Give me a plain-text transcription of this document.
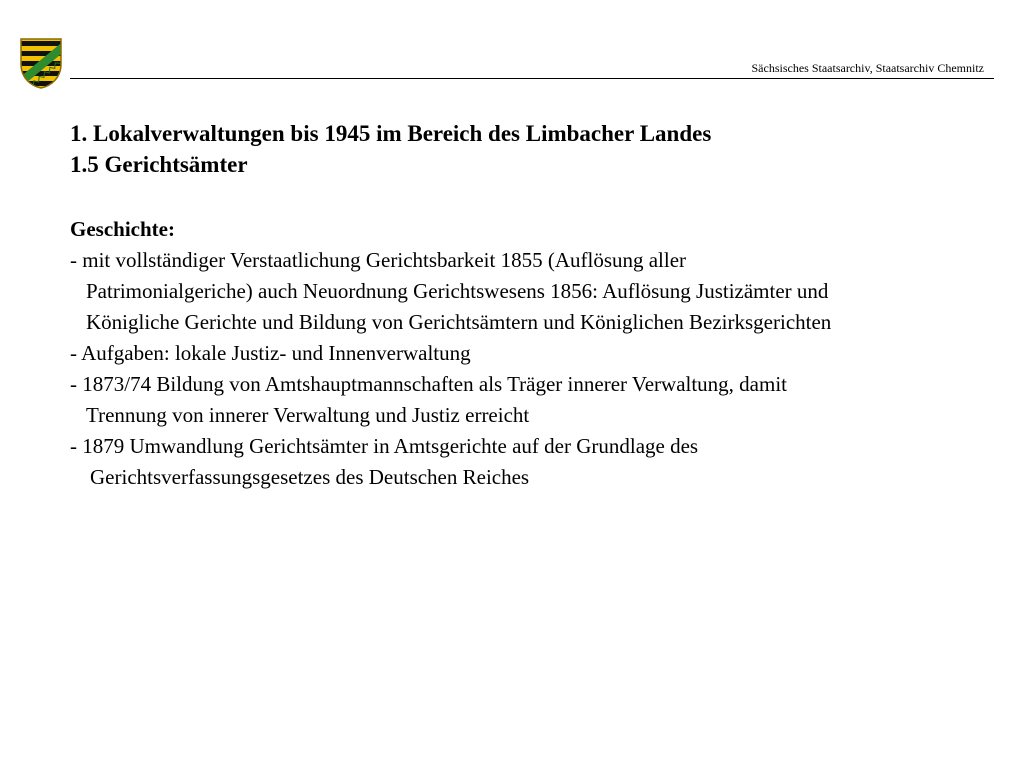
Sächsisches Staatsarchiv, Staatsarchiv Chemnitz
1. Lokalverwaltungen bis 1945 im Bereich des Limbacher Landes
1.5 Gerichtsämter
Geschichte:
- mit vollständiger Verstaatlichung Gerichtsbarkeit 1855 (Auflösung aller
Patrimonialgeriche) auch Neuordnung Gerichtswesens 1856: Auflösung Justizämter und
Königliche Gerichte und Bildung von Gerichtsämtern und Königlichen Bezirksgerichten
- Aufgaben: lokale Justiz- und Innenverwaltung
- 1873/74 Bildung von Amtshauptmannschaften als Träger innerer Verwaltung, damit
Trennung von innerer Verwaltung und Justiz erreicht
- 1879 Umwandlung Gerichtsämter in Amtsgerichte auf der Grundlage des
Gerichtsverfassungsgesetzes des Deutschen Reiches
